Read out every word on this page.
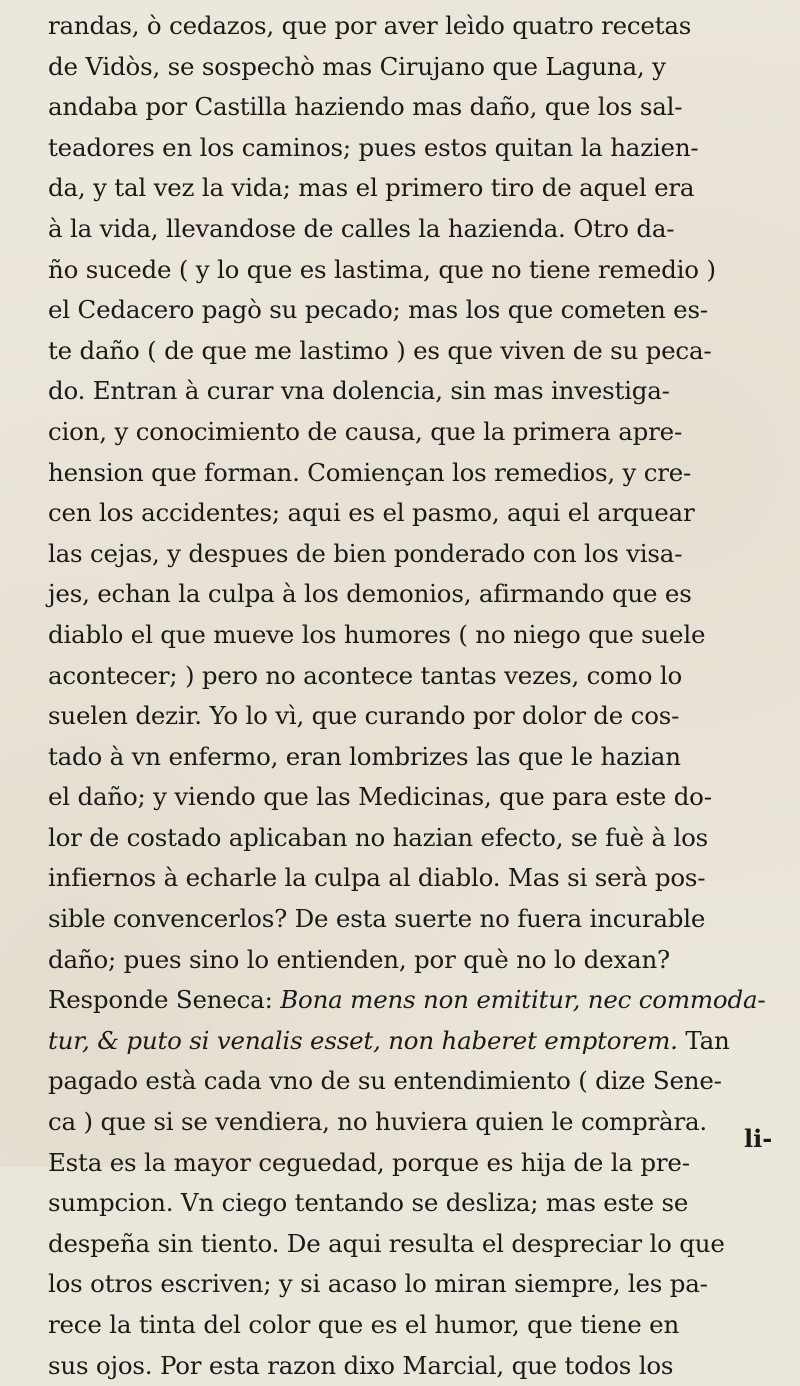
randas, ò cedazos, que por aver leìdo quatro recetas
de Vidòs, se sospechò mas Cirujano que Laguna, y
andaba por Castilla haziendo mas daño, que los sal-
teadores en los caminos; pues estos quitan la hazien-
da, y tal vez la vida; mas el primero tiro de aquel era
à la vida, llevandose de calles la hazienda. Otro da-
ño sucede ( y lo que es lastima, que no tiene remedio )
el Cedacero pagò su pecado; mas los que cometen es-
te daño ( de que me lastimo ) es que viven de su peca-
do. Entran à curar vna dolencia, sin mas investiga-
cion, y conocimiento de causa, que la primera apre-
hension que forman. Comiençan los remedios, y cre-
cen los accidentes; aqui es el pasmo, aqui el arquear
las cejas, y despues de bien ponderado con los visa-
jes, echan la culpa à los demonios, afirmando que es
diablo el que mueve los humores ( no niego que suele
acontecer; ) pero no acontece tantas vezes, como lo
suelen dezir. Yo lo vì, que curando por dolor de cos-
tado à vn enfermo, eran lombrizes las que le hazian
el daño; y viendo que las Medicinas, que para este do-
lor de costado aplicaban no hazian efecto, se fuè à los
infiernos à echarle la culpa al diablo. Mas si serà pos-
sible convencerlos? De esta suerte no fuera incurable
daño; pues sino lo entienden, por què no lo dexan?
Responde Seneca: Bona mens non emititur, nec commoda-
tur, & puto si venalis esset, non haberet emptorem. Tan
pagado està cada vno de su entendimiento ( dize Sene-
ca ) que si se vendiera, no huviera quien le compràra.
Esta es la mayor ceguedad, porque es hija de la pre-
sumpcion. Vn ciego tentando se desliza; mas este se
despeña sin tiento. De aqui resulta el despreciar lo que
los otros escriven; y si acaso lo miran siempre, les pa-
rece la tinta del color que es el humor, que tiene en
sus ojos. Por esta razon dixo Marcial, que todos los
li-
